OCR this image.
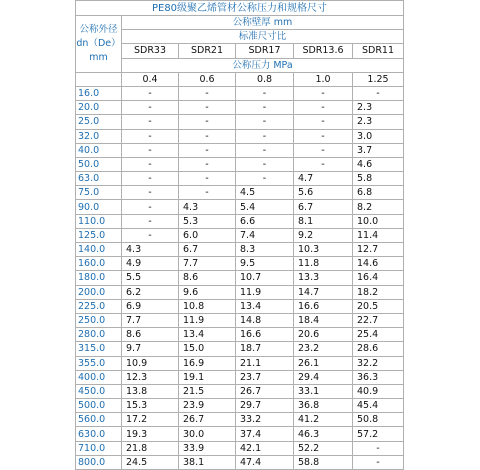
PE80级聚乙烯管材公称压力和规格尺寸					

公称外径
dn（De）
mm	公称壁厚 mm				
	标准尺寸比				
	SDR33	SDR21	SDR17	SDR13.6	SDR11
	公称压力 MPa				
	0.4	0.6	0.8	1.0	1.25
16.0	-	-	-	-	-
20.0	-	-	-	-	2.3
25.0	-	-	-	-	2.3
32.0	-	-	-	-	3.0
40.0	-	-	-	-	3.7
50.0	-	-	-	-	4.6
63.0	-	-	-	4.7	5.8
75.0	-	-	4.5	5.6	6.8
90.0	-	4.3	5.4	6.7	8.2
110.0	-	5.3	6.6	8.1	10.0
125.0	-	6.0	7.4	9.2	11.4
140.0	4.3	6.7	8.3	10.3	12.7
160.0	4.9	7.7	9.5	11.8	14.6
180.0	5.5	8.6	10.7	13.3	16.4
200.0	6.2	9.6	11.9	14.7	18.2
225.0	6.9	10.8	13.4	16.6	20.5
250.0	7.7	11.9	14.8	18.4	22.7
280.0	8.6	13.4	16.6	20.6	25.4
315.0	9.7	15.0	18.7	23.2	28.6
355.0	10.9	16.9	21.1	26.1	32.2
400.0	12.3	19.1	23.7	29.4	36.3
450.0	13.8	21.5	26.7	33.1	40.9
500.0	15.3	23.9	29.7	36.8	45.4
560.0	17.2	26.7	33.2	41.2	50.8
630.0	19.3	30.0	37.4	46.3	57.2
710.0	21.8	33.9	42.1	52.2	-
800.0	24.5	38.1	47.4	58.8	-
